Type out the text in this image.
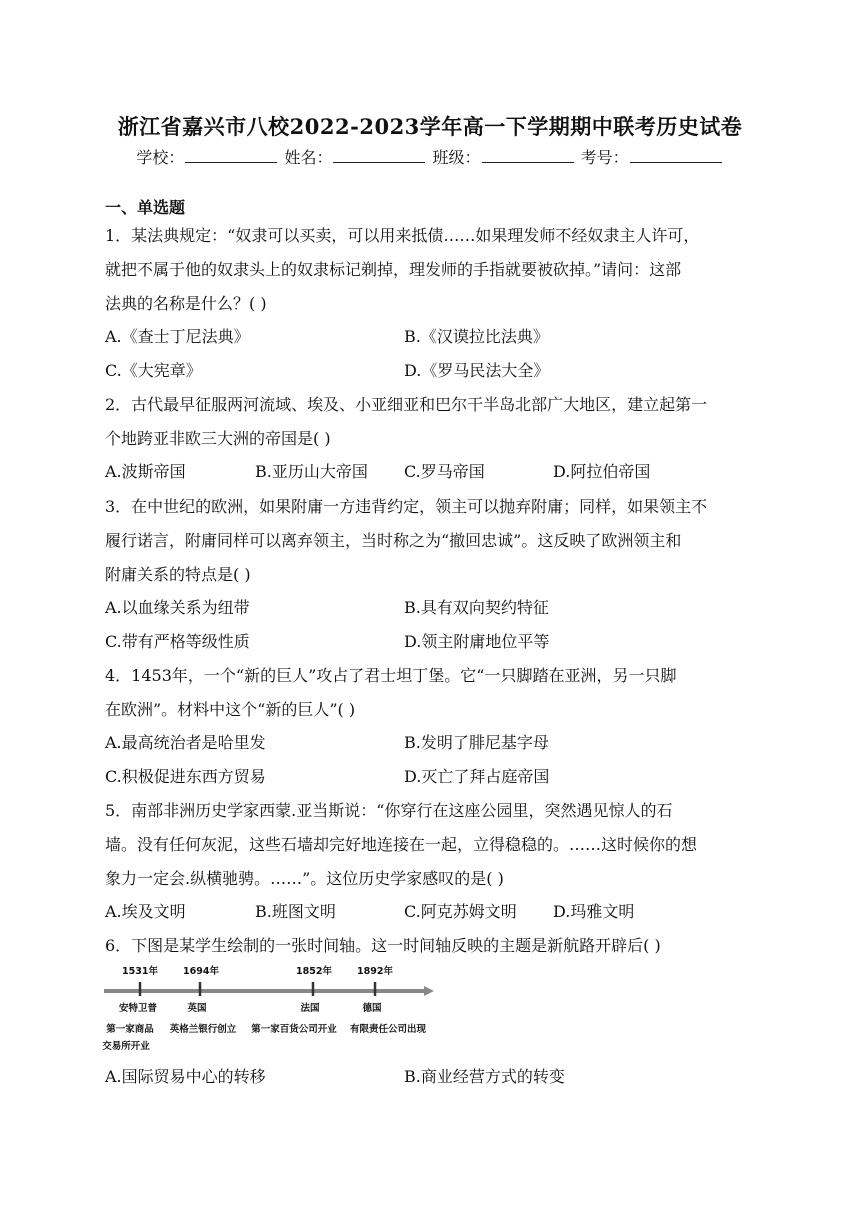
浙江省嘉兴市八校2022-2023学年高一下学期期中联考历史试卷
学校：	姓名：	班级：	考号：
一、单选题
1．某法典规定：“奴隶可以买卖，可以用来抵债……如果理发师不经奴隶主人许可，
就把不属于他的奴隶头上的奴隶标记剃掉，理发师的手指就要被砍掉。”请问：这部
法典的名称是什么？( )
A.《查士丁尼法典》	B.《汉谟拉比法典》
C.《大宪章》	D.《罗马民法大全》
2．古代最早征服两河流域、埃及、小亚细亚和巴尔干半岛北部广大地区，建立起第一
个地跨亚非欧三大洲的帝国是( )
A.波斯帝国	B.亚历山大帝国 C.罗马帝国	D.阿拉伯帝国
3．在中世纪的欧洲，如果附庸一方违背约定，领主可以抛弃附庸；同样，如果领主不
履行诺言，附庸同样可以离弃领主，当时称之为“撤回忠诚”。这反映了欧洲领主和
附庸关系的特点是( )
A.以血缘关系为纽带	B.具有双向契约特征
C.带有严格等级性质	D.领主附庸地位平等
4．1453年，一个“新的巨人”攻占了君士坦丁堡。它“一只脚踏在亚洲，另一只脚
在欧洲”。材料中这个“新的巨人”( )
A.最高统治者是哈里发	B.发明了腓尼基字母
C.积极促进东西方贸易	D.灭亡了拜占庭帝国
5．南部非洲历史学家西蒙.亚当斯说：“你穿行在这座公园里，突然遇见惊人的石
墙。没有任何灰泥，这些石墙却完好地连接在一起，立得稳稳的。……这时候你的想
象力一定会.纵横驰骋。……”。这位历史学家感叹的是( )
A.埃及文明	B.班图文明	C.阿克苏姆文明 D.玛雅文明
6．下图是某学生绘制的一张时间轴。这一时间轴反映的主题是新航路开辟后( )
1531年	1694年	1852年	1892年
安特卫普	英国	法国	德国
第一家商品
交易所开业
英格兰银行创立 第一家百货公司开业 有限责任公司出现
A.国际贸易中心的转移	B.商业经营方式的转变
